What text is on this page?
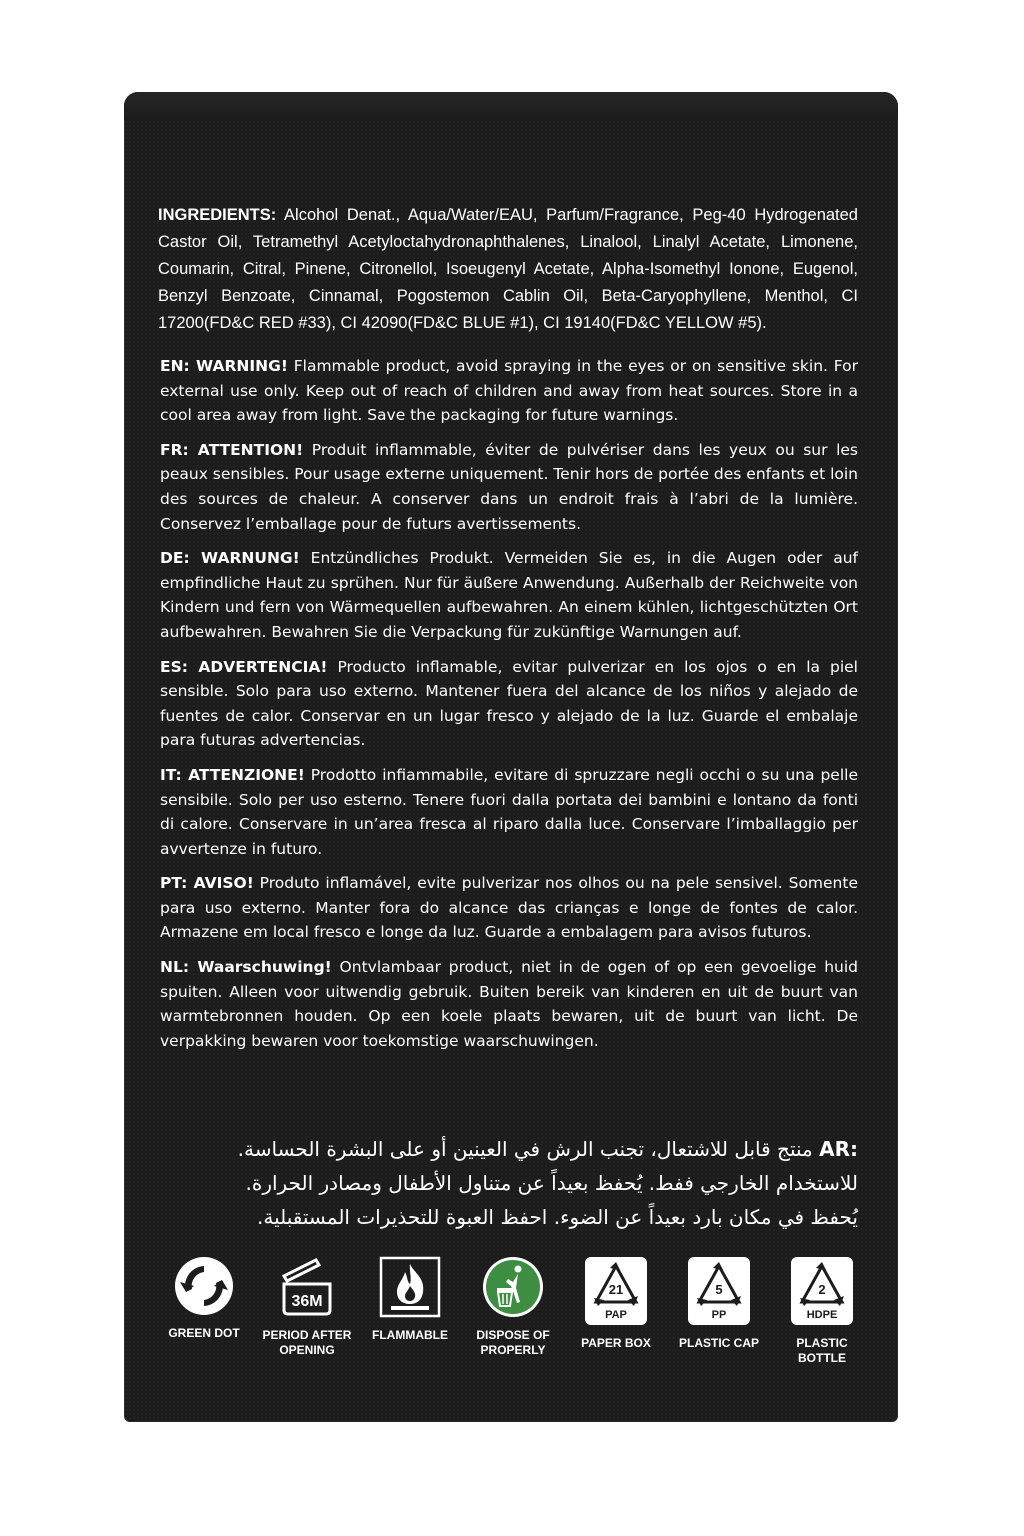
INGREDIENTS: Alcohol Denat., Aqua/Water/EAU, Parfum/Fragrance, Peg-40 Hydrogenated Castor Oil, Tetramethyl Acetyloctahydronaphthalenes, Linalool, Linalyl Acetate, Limonene, Coumarin, Citral, Pinene, Citronellol, Isoeugenyl Acetate, Alpha-Isomethyl Ionone, Eugenol, Benzyl Benzoate, Cinnamal, Pogostemon Cablin Oil, Beta-Caryophyllene, Menthol, CI 17200(FD&C RED #33), CI 42090(FD&C BLUE #1), CI 19140(FD&C YELLOW #5).

EN: WARNING! Flammable product, avoid spraying in the eyes or on sensitive skin. For external use only. Keep out of reach of children and away from heat sources. Store in a cool area away from light. Save the packaging for future warnings.

FR: ATTENTION! Produit inflammable, éviter de pulvériser dans les yeux ou sur les peaux sensibles. Pour usage externe uniquement. Tenir hors de portée des enfants et loin des sources de chaleur. A conserver dans un endroit frais à l’abri de la lumière. Conservez l’emballage pour de futurs avertissements.

DE: WARNUNG! Entzündliches Produkt. Vermeiden Sie es, in die Augen oder auf empfindliche Haut zu sprühen. Nur für äußere Anwendung. Außerhalb der Reichweite von Kindern und fern von Wärmequellen aufbewahren. An einem kühlen, lichtgeschützten Ort aufbewahren. Bewahren Sie die Verpackung für zukünftige Warnungen auf.

ES: ADVERTENCIA! Producto inflamable, evitar pulverizar en los ojos o en la piel sensible. Solo para uso externo. Mantener fuera del alcance de los niños y alejado de fuentes de calor. Conservar en un lugar fresco y alejado de la luz. Guarde el embalaje para futuras advertencias.

IT: ATTENZIONE! Prodotto infiammabile, evitare di spruzzare negli occhi o su una pelle sensibile. Solo per uso esterno. Tenere fuori dalla portata dei bambini e lontano da fonti di calore. Conservare in un’area fresca al riparo dalla luce. Conservare l’imballaggio per avvertenze in futuro.

PT: AVISO! Produto inflamável, evite pulverizar nos olhos ou na pele sensivel. Somente para uso externo. Manter fora do alcance das crianças e longe de fontes de calor. Armazene em local fresco e longe da luz. Guarde a embalagem para avisos futuros.

NL: Waarschuwing! Ontvlambaar product, niet in de ogen of op een gevoelige huid spuiten. Alleen voor uitwendig gebruik. Buiten bereik van kinderen en uit de buurt van warmtebronnen houden. Op een koele plaats bewaren, uit de buurt van licht. De verpakking bewaren voor toekomstige waarschuwingen.

AR: منتج قابل للاشتعال، تجنب الرش في العينين أو على البشرة الحساسة.
للاستخدام الخارجي ففط. يُحفظ بعيداً عن متناول الأطفال ومصادر الحرارة.
يُحفظ في مكان بارد بعيداً عن الضوء. احفظ العبوة للتحذيرات المستقبلية.
GREEN DOT
36M
PERIOD AFTER OPENING
FLAMMABLE	DISPOSE OF PROPERLY
21
PAP
PAPER BOX
5
PP
PLASTIC CAP
2
HDPE
PLASTIC BOTTLE
